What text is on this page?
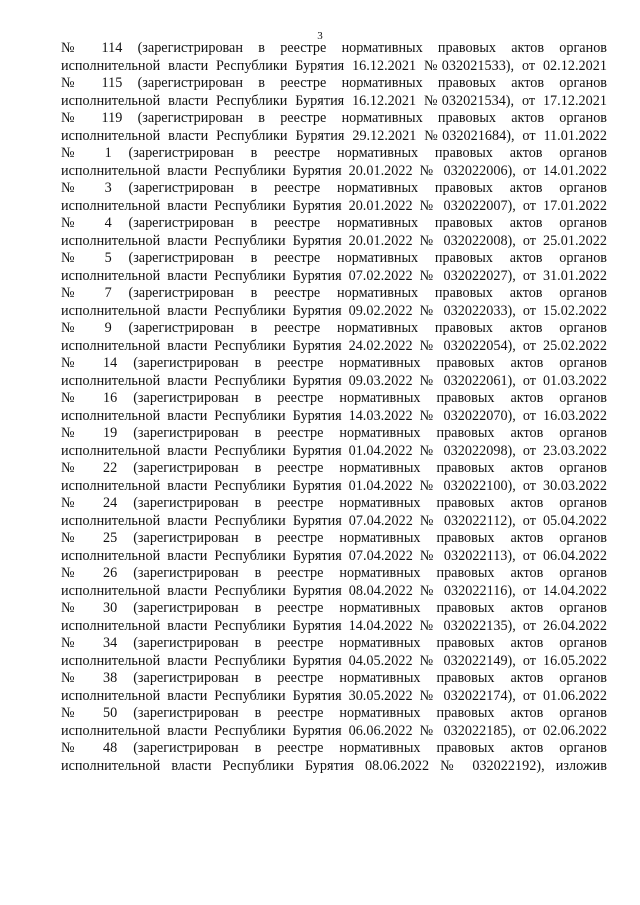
3
№ 114 (зарегистрирован в реестре нормативных правовых актов органов
исполнительной власти Республики Бурятия 16.12.2021 №032021533), от 02.12.2021
№ 115 (зарегистрирован в реестре нормативных правовых актов органов
исполнительной власти Республики Бурятия 16.12.2021 №032021534), от 17.12.2021
№ 119 (зарегистрирован в реестре нормативных правовых актов органов
исполнительной власти Республики Бурятия 29.12.2021 №032021684), от 11.01.2022
№ 1 (зарегистрирован в реестре нормативных правовых актов органов
исполнительной власти Республики Бурятия 20.01.2022 № 032022006), от 14.01.2022
№ 3 (зарегистрирован в реестре нормативных правовых актов органов
исполнительной власти Республики Бурятия 20.01.2022 № 032022007), от 17.01.2022
№ 4 (зарегистрирован в реестре нормативных правовых актов органов
исполнительной власти Республики Бурятия 20.01.2022 № 032022008), от 25.01.2022
№ 5 (зарегистрирован в реестре нормативных правовых актов органов
исполнительной власти Республики Бурятия 07.02.2022 № 032022027), от 31.01.2022
№ 7 (зарегистрирован в реестре нормативных правовых актов органов
исполнительной власти Республики Бурятия 09.02.2022 № 032022033), от 15.02.2022
№ 9 (зарегистрирован в реестре нормативных правовых актов органов
исполнительной власти Республики Бурятия 24.02.2022 № 032022054), от 25.02.2022
№ 14 (зарегистрирован в реестре нормативных правовых актов органов
исполнительной власти Республики Бурятия 09.03.2022 № 032022061), от 01.03.2022
№ 16 (зарегистрирован в реестре нормативных правовых актов органов
исполнительной власти Республики Бурятия 14.03.2022 № 032022070), от 16.03.2022
№ 19 (зарегистрирован в реестре нормативных правовых актов органов
исполнительной власти Республики Бурятия 01.04.2022 № 032022098), от 23.03.2022
№ 22 (зарегистрирован в реестре нормативных правовых актов органов
исполнительной власти Республики Бурятия 01.04.2022 № 032022100), от 30.03.2022
№ 24 (зарегистрирован в реестре нормативных правовых актов органов
исполнительной власти Республики Бурятия 07.04.2022 № 032022112), от 05.04.2022
№ 25 (зарегистрирован в реестре нормативных правовых актов органов
исполнительной власти Республики Бурятия 07.04.2022 № 032022113), от 06.04.2022
№ 26 (зарегистрирован в реестре нормативных правовых актов органов
исполнительной власти Республики Бурятия 08.04.2022 № 032022116), от 14.04.2022
№ 30 (зарегистрирован в реестре нормативных правовых актов органов
исполнительной власти Республики Бурятия 14.04.2022 № 032022135), от 26.04.2022
№ 34 (зарегистрирован в реестре нормативных правовых актов органов
исполнительной власти Республики Бурятия 04.05.2022 № 032022149), от 16.05.2022
№ 38 (зарегистрирован в реестре нормативных правовых актов органов
исполнительной власти Республики Бурятия 30.05.2022 № 032022174), от 01.06.2022
№ 50 (зарегистрирован в реестре нормативных правовых актов органов
исполнительной власти Республики Бурятия 06.06.2022 № 032022185), от 02.06.2022
№ 48 (зарегистрирован в реестре нормативных правовых актов органов
исполнительной власти Республики Бурятия 08.06.2022 № 032022192), изложив
